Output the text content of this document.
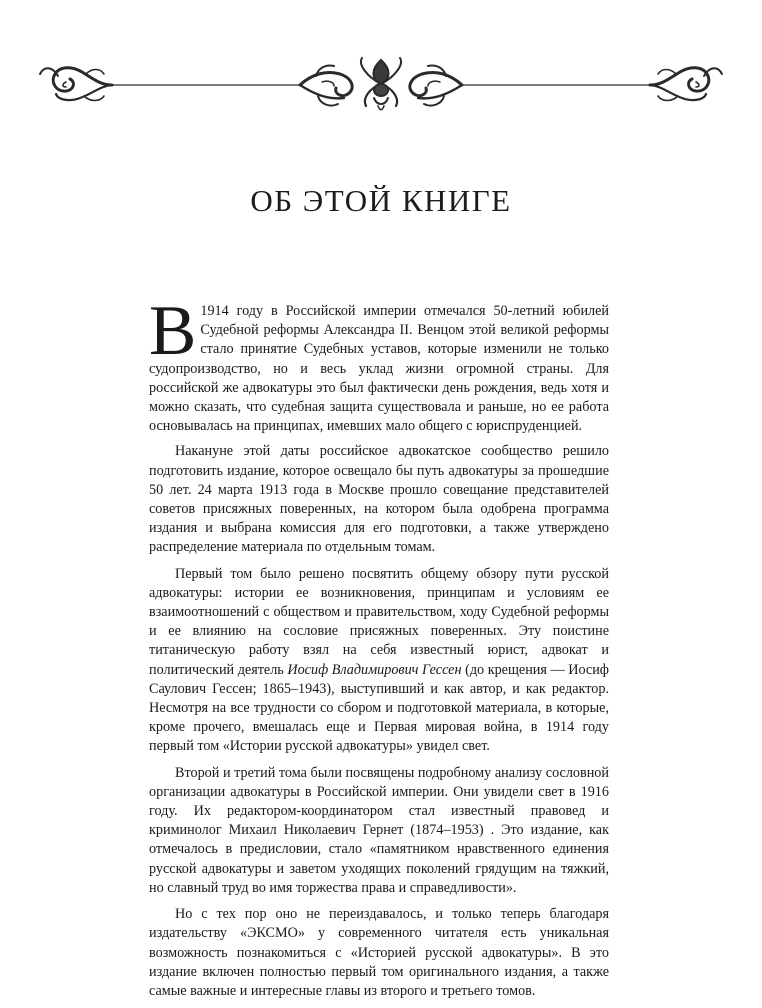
ОБ ЭТОЙ КНИГЕ

В 1914 году в Российской империи отмечался 50-летний юбилей Судебной реформы Александра II. Венцом этой великой реформы стало принятие Судебных уставов, которые изменили не только судопроизводство, но и весь уклад жизни огромной страны. Для российской же адвокатуры это был фактически день рождения, ведь хотя и можно сказать, что судебная защита существовала и раньше, но ее работа основывалась на принципах, имевших мало общего с юриспруденцией.

Накануне этой даты российское адвокатское сообщество решило подготовить издание, которое освещало бы путь адвокатуры за прошедшие 50 лет. 24 марта 1913 года в Москве прошло совещание представителей советов присяжных поверенных, на котором была одобрена программа издания и выбрана комиссия для его подготовки, а также утверждено распределение материала по отдельным томам.

Первый том было решено посвятить общему обзору пути русской адвокатуры: истории ее возникновения, принципам и условиям ее взаимоотношений с обществом и правительством, ходу Судебной реформы и ее влиянию на сословие присяжных поверенных. Эту поистине титаническую работу взял на себя известный юрист, адвокат и политический деятель Иосиф Владимирович Гессен (до крещения — Иосиф Саулович Гессен; 1865–1943), выступивший и как автор, и как редактор. Несмотря на все трудности со сбором и подготовкой материала, в которые, кроме прочего, вмешалась еще и Первая мировая война, в 1914 году первый том «Истории русской адвокатуры» увидел свет.

Второй и третий тома были посвящены подробному анализу сословной организации адвокатуры в Российской империи. Они увидели свет в 1916 году. Их редактором-координатором стал известный правовед и криминолог Михаил Николаевич Гернет (1874–1953) . Это издание, как отмечалось в предисловии, стало «памятником нравственного единения русской адвокатуры и заветом уходящих поколений грядущим на тяжкий, но славный труд во имя торжества права и справедливости».

Но с тех пор оно не переиздавалось, и только теперь благодаря издательству «ЭКСМО» у современного читателя есть уникальная возможность познакомиться с «Историей русской адвокатуры». В это издание включен полностью первый том оригинального издания, а также самые важные и интересные главы из второго и третьего томов.
